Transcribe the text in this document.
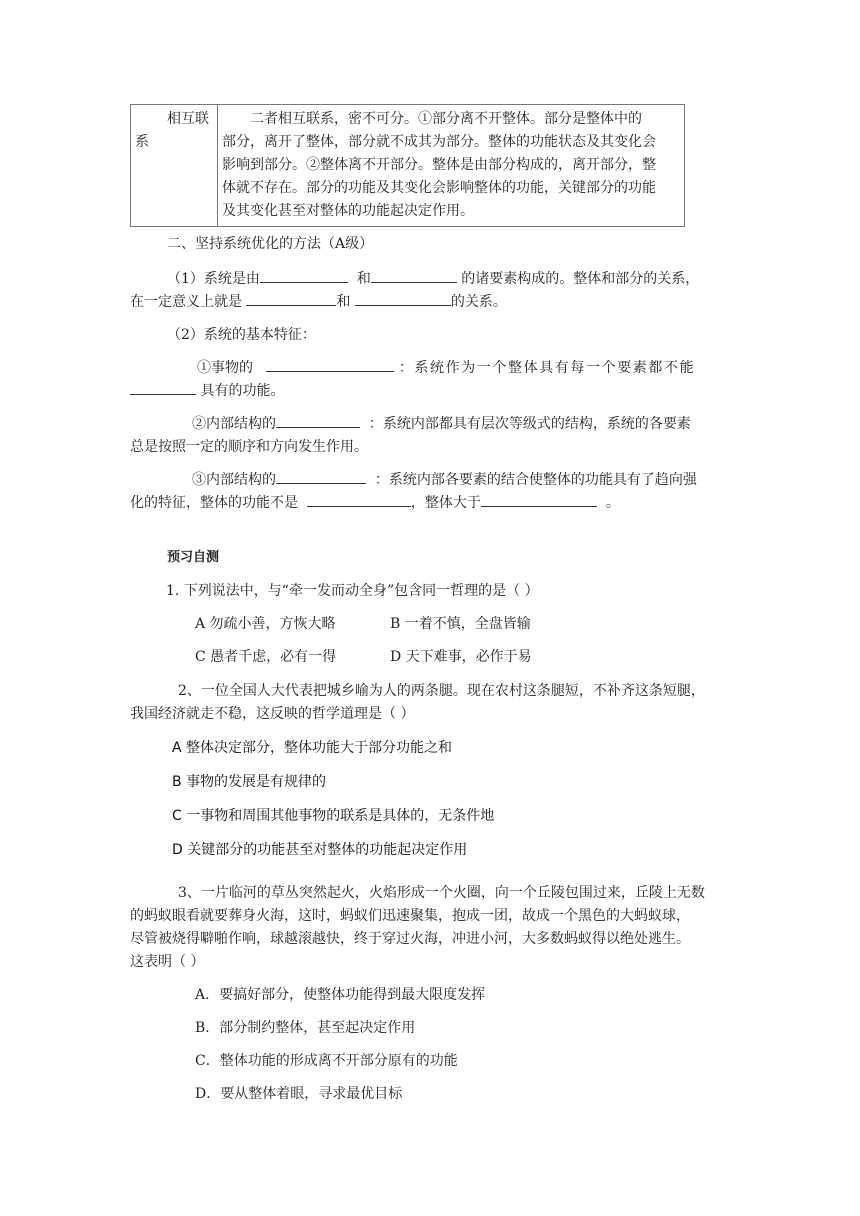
相互联
系

二者相互联系，密不可分。①部分离不开整体。部分是整体中的
部分，离开了整体，部分就不成其为部分。整体的功能状态及其变化会
影响到部分。②整体离不开部分。整体是由部分构成的，离开部分，整
体就不存在。部分的功能及其变化会影响整体的功能，关键部分的功能
及其变化甚至对整体的功能起决定作用。
二、坚持系统优化的方法（A级）
（1）系统是由	和	的诸要素构成的。整体和部分的关系，
在一定意义上就是	和	的关系。
（2）系统的基本特征：
①事物的	：系统作为一个整体具有每一个要素都不能
具有的功能。
②内部结构的	：系统内部都具有层次等级式的结构，系统的各要素
总是按照一定的顺序和方向发生作用。
③内部结构的	：系统内部各要素的结合使整体的功能具有了趋向强
化的特征，整体的功能不是	，整体大于	。
预习自测
1. 下列说法中，与“牵一发而动全身”包含同一哲理的是（ ）
A 勿疏小善，方恢大略	B 一着不慎，全盘皆输
C 愚者千虑，必有一得	D 天下难事，必作于易
2、一位全国人大代表把城乡喻为人的两条腿。现在农村这条腿短，不补齐这条短腿，
我国经济就走不稳，这反映的哲学道理是（ ）
A 整体决定部分，整体功能大于部分功能之和
B 事物的发展是有规律的
C 一事物和周围其他事物的联系是具体的，无条件地
D 关键部分的功能甚至对整体的功能起决定作用
3、一片临河的草丛突然起火，火焰形成一个火圈，向一个丘陵包围过来，丘陵上无数
的蚂蚁眼看就要葬身火海，这时，蚂蚁们迅速聚集，抱成一团，故成一个黑色的大蚂蚁球，
尽管被烧得噼啪作响，球越滚越快，终于穿过火海，冲进小河，大多数蚂蚁得以绝处逃生。
这表明（ ）
A．要搞好部分，使整体功能得到最大限度发挥
B．部分制约整体，甚至起决定作用
C．整体功能的形成离不开部分原有的功能
D．要从整体着眼，寻求最优目标
